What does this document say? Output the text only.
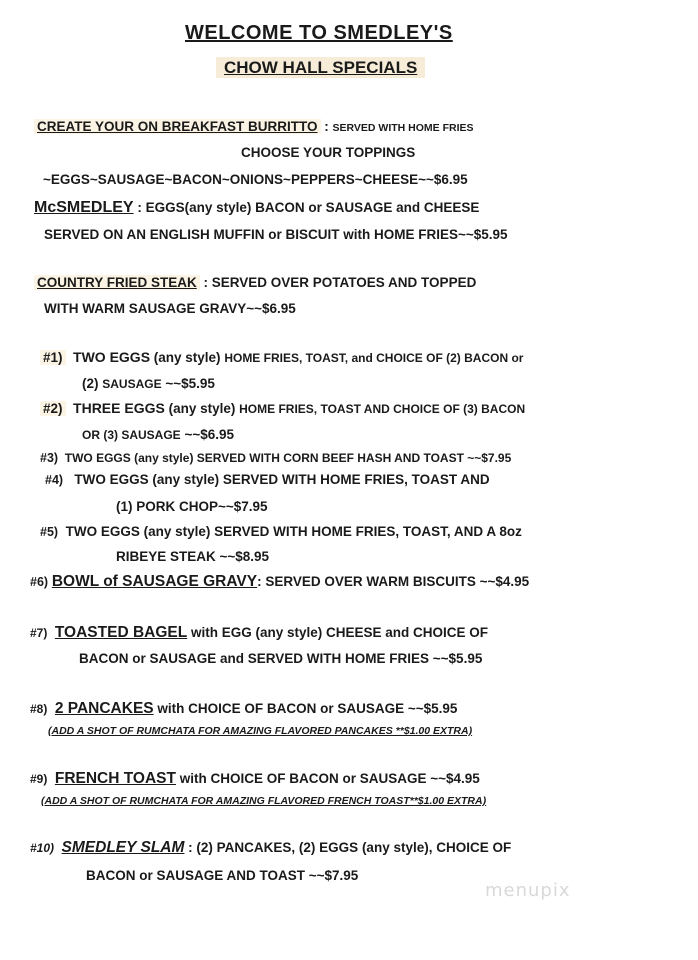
WELCOME TO SMEDLEY'S
CHOW HALL SPECIALS
CREATE YOUR ON BREAKFAST BURRITTO : SERVED WITH HOME FRIES
CHOOSE YOUR TOPPINGS
~EGGS~SAUSAGE~BACON~ONIONS~PEPPERS~CHEESE~~$6.95
McSMEDLEY : EGGS(any style) BACON or SAUSAGE and CHEESE
SERVED ON AN ENGLISH MUFFIN or BISCUIT with HOME FRIES~~$5.95
COUNTRY FRIED STEAK : SERVED OVER POTATOES AND TOPPED
WITH WARM SAUSAGE GRAVY~~$6.95
#1) TWO EGGS (any style) HOME FRIES, TOAST, and CHOICE OF (2) BACON or
(2) SAUSAGE ~~$5.95
#2) THREE EGGS (any style) HOME FRIES, TOAST AND CHOICE OF (3) BACON
OR (3) SAUSAGE ~~$6.95
#3) TWO EGGS (any style) SERVED WITH CORN BEEF HASH AND TOAST ~~$7.95
#4) TWO EGGS (any style) SERVED WITH HOME FRIES, TOAST AND
(1) PORK CHOP~~$7.95
#5) TWO EGGS (any style) SERVED WITH HOME FRIES, TOAST, AND A 8oz
RIBEYE STEAK ~~$8.95
#6) BOWL of SAUSAGE GRAVY: SERVED OVER WARM BISCUITS ~~$4.95
#7) TOASTED BAGEL with EGG (any style) CHEESE and CHOICE OF
BACON or SAUSAGE and SERVED WITH HOME FRIES ~~$5.95
#8) 2 PANCAKES with CHOICE OF BACON or SAUSAGE ~~$5.95
(ADD A SHOT OF RUMCHATA FOR AMAZING FLAVORED PANCAKES **$1.00 EXTRA)
#9) FRENCH TOAST with CHOICE OF BACON or SAUSAGE ~~$4.95
(ADD A SHOT OF RUMCHATA FOR AMAZING FLAVORED FRENCH TOAST**$1.00 EXTRA)
#10) SMEDLEY SLAM : (2) PANCAKES, (2) EGGS (any style), CHOICE OF
BACON or SAUSAGE AND TOAST ~~$7.95
menupix
